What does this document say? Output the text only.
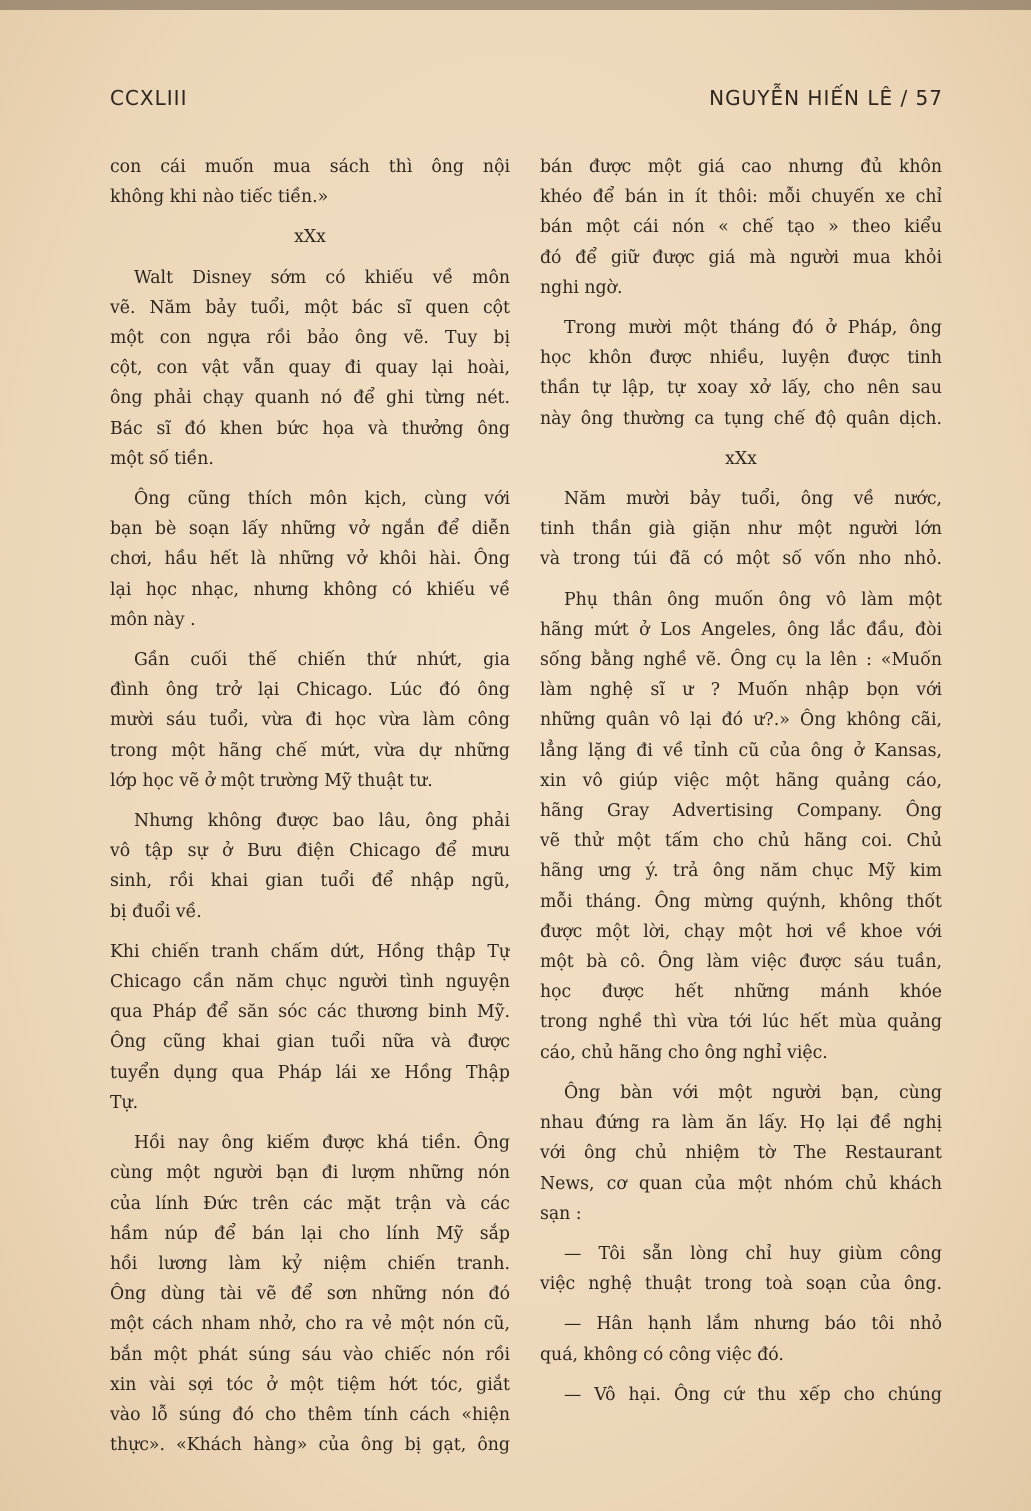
CCXLIII	NGUYỄN HIẾN LÊ / 57
con cái muốn mua sách thì ông nội
không khi nào tiếc tiền.»
xXx
Walt Disney sớm có khiếu về môn
vẽ. Năm bảy tuổi, một bác sĩ quen cột
một con ngựa rồi bảo ông vẽ. Tuy bị
cột, con vật vẫn quay đi quay lại hoài,
ông phải chạy quanh nó để ghi từng nét.
Bác sĩ đó khen bức họa và thưởng ông
một số tiền.
Ông cũng thích môn kịch, cùng với
bạn bè soạn lấy những vở ngắn để diễn
chơi, hầu hết là những vở khôi hài. Ông
lại học nhạc, nhưng không có khiếu về
môn này .
Gần cuối thế chiến thứ nhứt, gia
đình ông trở lại Chicago. Lúc đó ông
mười sáu tuổi, vừa đi học vừa làm công
trong một hãng chế mứt, vừa dự những
lớp học vẽ ở một trường Mỹ thuật tư.
Nhưng không được bao lâu, ông phải
vô tập sự ở Bưu điện Chicago để mưu
sinh, rồi khai gian tuổi để nhập ngũ,
bị đuổi về.
Khi chiến tranh chấm dứt, Hồng thập Tự
Chicago cần năm chục người tình nguyện
qua Pháp để săn sóc các thương binh Mỹ.
Ông cũng khai gian tuổi nữa và được
tuyển dụng qua Pháp lái xe Hồng Thập
Tự.
Hồi nay ông kiếm được khá tiền. Ông
cùng một người bạn đi lượm những nón
của lính Đức trên các mặt trận và các
hầm núp để bán lại cho lính Mỹ sắp
hồi lương làm kỷ niệm chiến tranh.
Ông dùng tài vẽ để sơn những nón đó
một cách nham nhở, cho ra vẻ một nón cũ,
bắn một phát súng sáu vào chiếc nón rồi
xin vài sợi tóc ở một tiệm hớt tóc, giắt
vào lỗ súng đó cho thêm tính cách «hiện
thực». «Khách hàng» của ông bị gạt, ông
bán được một giá cao nhưng đủ khôn
khéo để bán in ít thôi: mỗi chuyến xe chỉ
bán một cái nón « chế tạo » theo kiểu
đó để giữ được giá mà người mua khỏi
nghi ngờ.
Trong mười một tháng đó ở Pháp, ông
học khôn được nhiều, luyện được tinh
thần tự lập, tự xoay xở lấy, cho nên sau
này ông thường ca tụng chế độ quân dịch.
xXx
Năm mười bảy tuổi, ông về nước,
tinh thần già giặn như một người lớn
và trong túi đã có một số vốn nho nhỏ.
Phụ thân ông muốn ông vô làm một
hãng mứt ở Los Angeles, ông lắc đầu, đòi
sống bằng nghề vẽ. Ông cụ la lên : «Muốn
làm nghệ sĩ ư ? Muốn nhập bọn với
những quân vô lại đó ư?.» Ông không cãi,
lẳng lặng đi về tỉnh cũ của ông ở Kansas,
xin vô giúp việc một hãng quảng cáo,
hãng Gray Advertising Company. Ông
vẽ thử một tấm cho chủ hãng coi. Chủ
hãng ưng ý. trả ông năm chục Mỹ kim
mỗi tháng. Ông mừng quýnh, không thốt
được một lời, chạy một hơi về khoe với
một bà cô. Ông làm việc được sáu tuần,
học được hết những mánh khóe
trong nghề thì vừa tới lúc hết mùa quảng
cáo, chủ hãng cho ông nghỉ việc.
Ông bàn với một người bạn, cùng
nhau đứng ra làm ăn lấy. Họ lại đề nghị
với ông chủ nhiệm tờ The Restaurant
News, cơ quan của một nhóm chủ khách
sạn :
— Tôi sẵn lòng chỉ huy giùm công
việc nghệ thuật trong toà soạn của ông.
— Hân hạnh lắm nhưng báo tôi nhỏ
quá, không có công việc đó.
— Vô hại. Ông cứ thu xếp cho chúng
